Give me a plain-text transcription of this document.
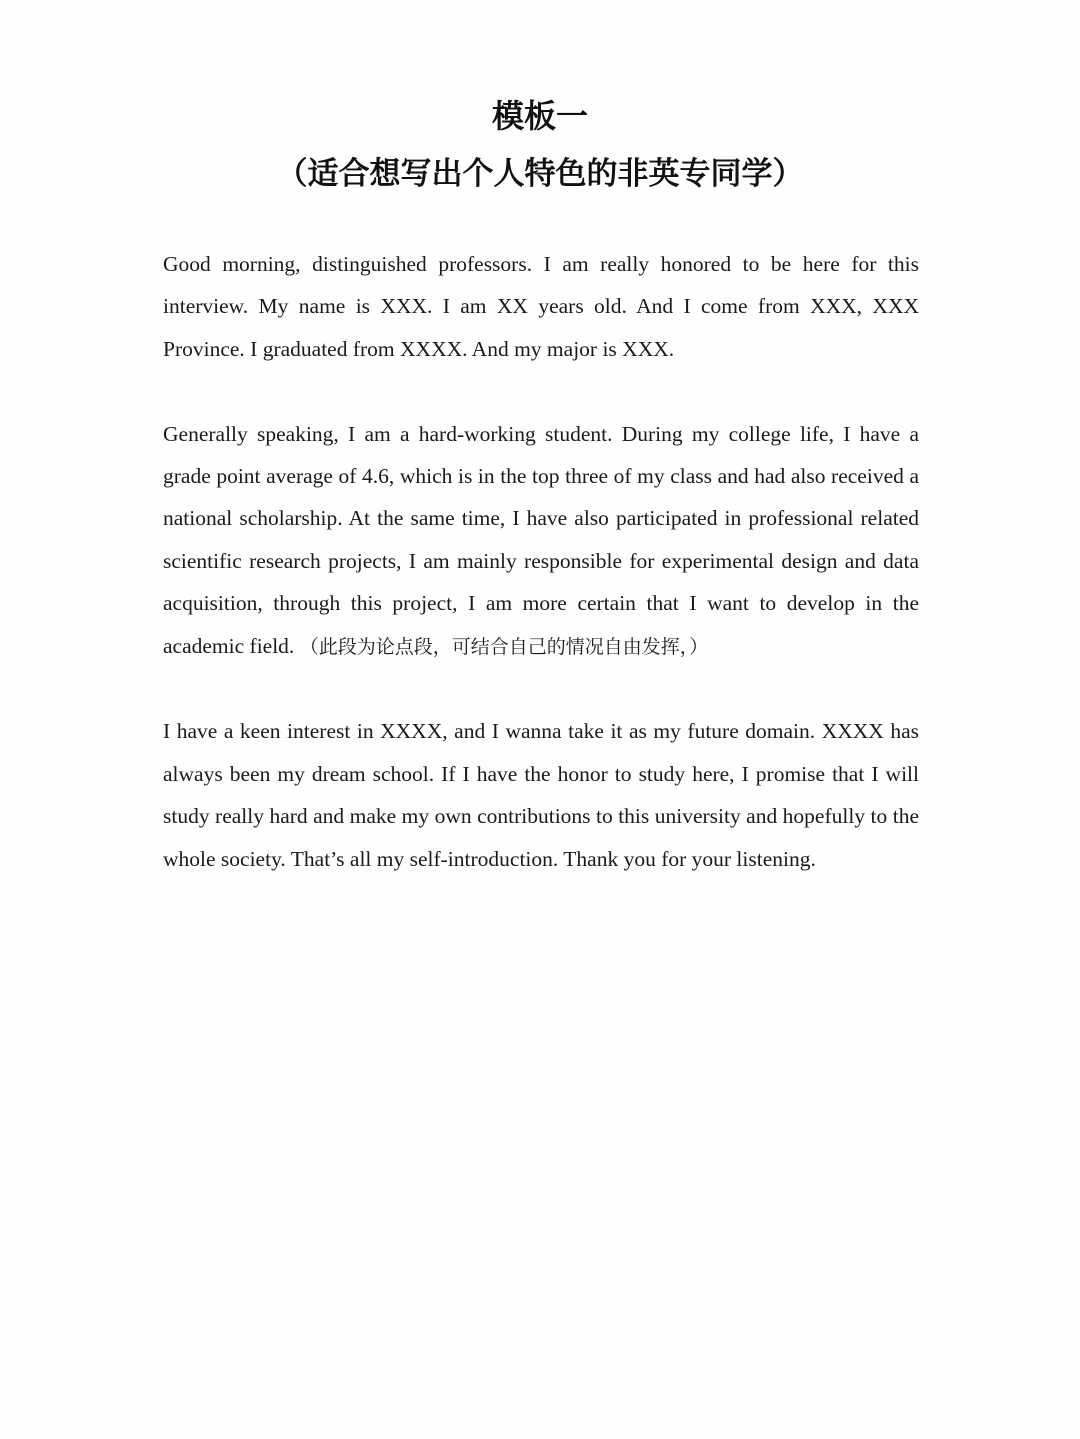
模板一
（适合想写出个人特色的非英专同学）

Good morning, distinguished professors. I am really honored to be here for this interview. My name is XXX. I am XX years old. And I come from XXX, XXX Province. I graduated from XXXX. And my major is XXX.

Generally speaking, I am a hard-working student. During my college life, I have a grade point average of 4.6, which is in the top three of my class and had also received a national scholarship. At the same time, I have also participated in professional related scientific research projects, I am mainly responsible for experimental design and data acquisition, through this project, I am more certain that I want to develop in the academic field. （此段为论点段，可结合自己的情况自由发挥，）

I have a keen interest in XXXX, and I wanna take it as my future domain. XXXX has always been my dream school. If I have the honor to study here, I promise that I will study really hard and make my own contributions to this university and hopefully to the whole society. That’s all my self-introduction. Thank you for your listening.
